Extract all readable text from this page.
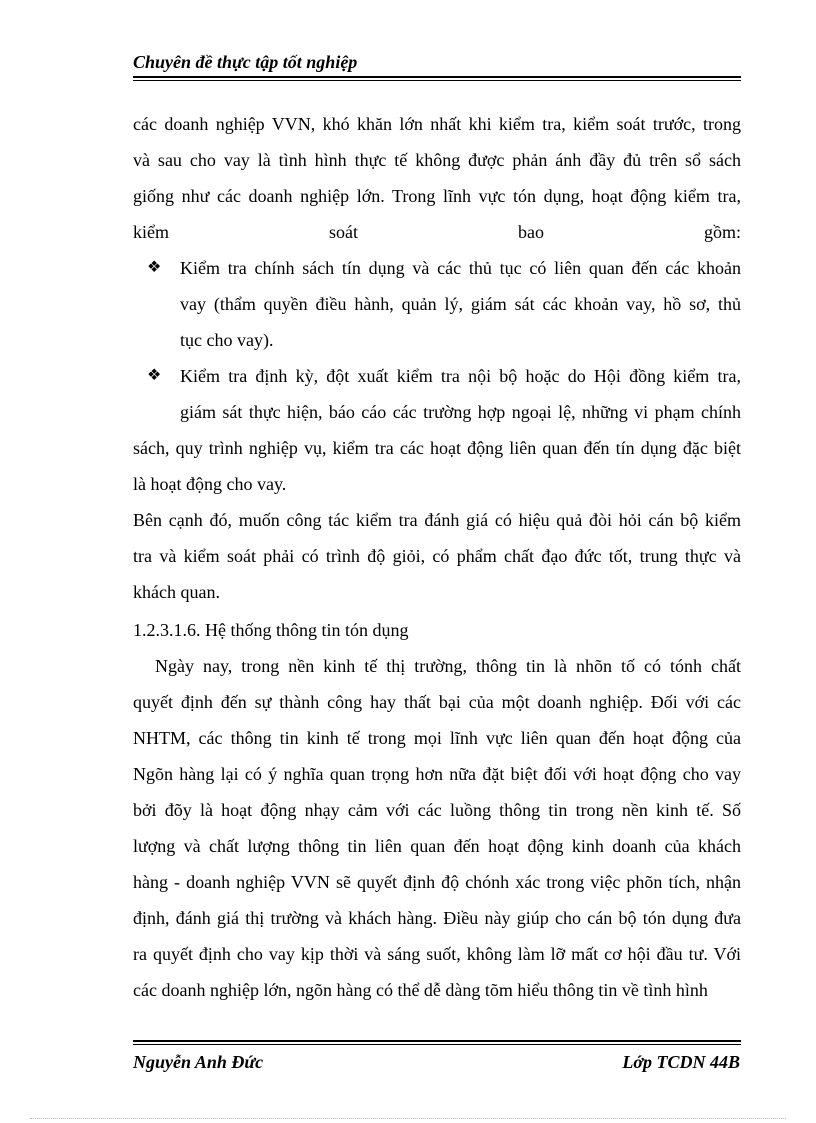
Chuyên đề thực tập tốt nghiệp
các doanh nghiệp VVN, khó khăn lớn nhất khi kiểm tra, kiểm soát trước, trong
và sau cho vay là tình hình thực tế không được phản ánh đầy đủ trên sổ sách
giống như các doanh nghiệp lớn. Trong lĩnh vực tón dụng, hoạt động kiểm tra,
kiểm soát bao gồm:
❖ Kiểm tra chính sách tín dụng và các thủ tục có liên quan đến các khoản
vay (thẩm quyền điều hành, quản lý, giám sát các khoản vay, hồ sơ, thủ
tục cho vay).
❖ Kiểm tra định kỳ, đột xuất kiểm tra nội bộ hoặc do Hội đồng kiểm tra,
giám sát thực hiện, báo cáo các trường hợp ngoại lệ, những vi phạm chính
sách, quy trình nghiệp vụ, kiểm tra các hoạt động liên quan đến tín dụng đặc biệt
là hoạt động cho vay.
Bên cạnh đó, muốn công tác kiểm tra đánh giá có hiệu quả đòi hỏi cán bộ kiểm
tra và kiểm soát phải có trình độ giỏi, có phẩm chất đạo đức tốt, trung thực và
khách quan.
1.2.3.1.6. Hệ thống thông tin tón dụng
Ngày nay, trong nền kinh tế thị trường, thông tin là nhõn tố có tónh chất
quyết định đến sự thành công hay thất bại của một doanh nghiệp. Đối với các
NHTM, các thông tin kinh tế trong mọi lĩnh vực liên quan đến hoạt động của
Ngõn hàng lại có ý nghĩa quan trọng hơn nữa đặt biệt đối với hoạt động cho vay
bởi đõy là hoạt động nhạy cảm với các luồng thông tin trong nền kinh tế. Số
lượng và chất lượng thông tin liên quan đến hoạt động kinh doanh của khách
hàng - doanh nghiệp VVN sẽ quyết định độ chónh xác trong việc phõn tích, nhận
định, đánh giá thị trường và khách hàng. Điều này giúp cho cán bộ tón dụng đưa
ra quyết định cho vay kịp thời và sáng suốt, không làm lỡ mất cơ hội đầu tư. Với
các doanh nghiệp lớn, ngõn hàng có thể dễ dàng tõm hiểu thông tin về tình hình
Nguyễn Anh Đức	Lớp TCDN 44B
